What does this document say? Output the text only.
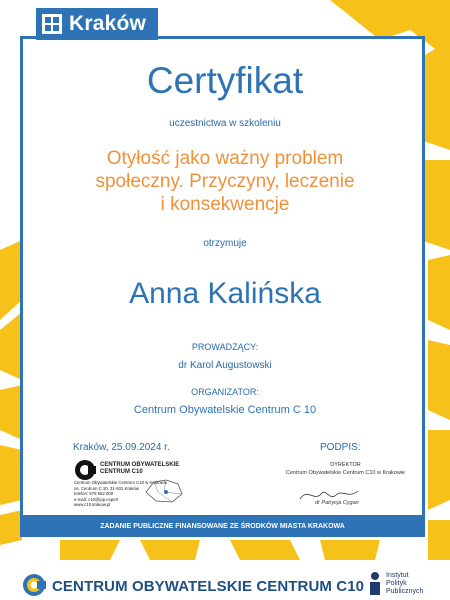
Kraków
Certyfikat
uczestnictwa w szkoleniu
Otyłość jako ważny problem
społeczny. Przyczyny, leczenie
i konsekwencje
otrzymuje
Anna Kalińska
PROWADZĄCY:
dr Karol Augustowski
ORGANIZATOR:
Centrum Obywatelskie Centrum C 10
Kraków, 25.09.2024 r.	PODPIS:
CENTRUM OBYWATELSKIE
CENTRUM C10
Centrum Obywatelskie Centrum C10 w Krakowie
os. Centrum C 10, 31-931 Kraków
telefon: 578 562 000
e-mail: c10@ipp.expert
www.c10.krakow.pl
DYREKTOR
Centrum Obywatelskie Centrum C10 w Krakowie
dr Patrycja Cygan
ZADANIE PUBLICZNE FINANSOWANE ZE ŚRODKÓW MIASTA KRAKOWA
CENTRUM OBYWATELSKIE CENTRUM C10
Instytut
Polityk
Publicznych
